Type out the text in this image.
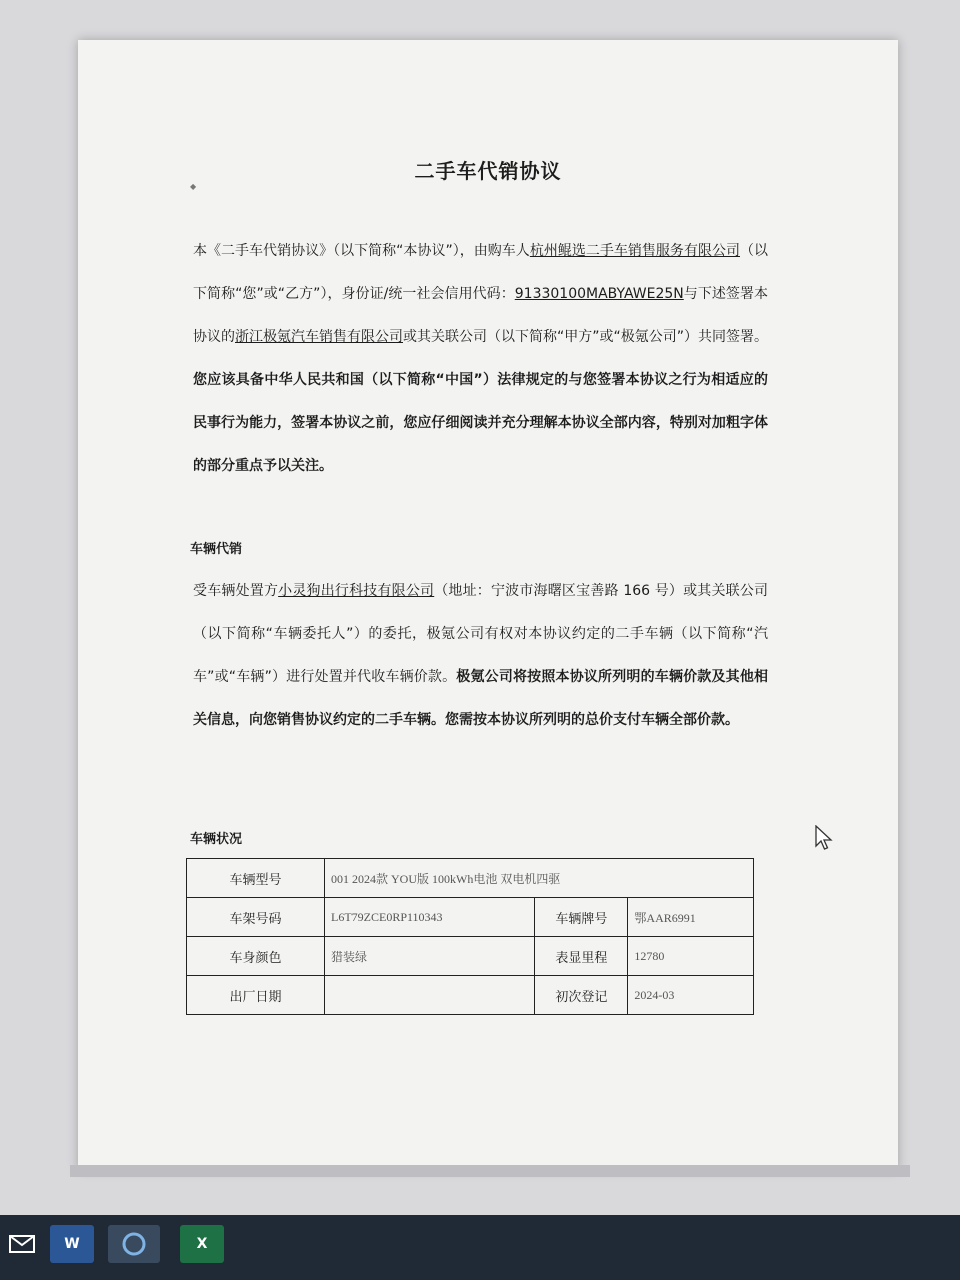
◆
二手车代销协议
本《二手车代销协议》（以下简称“本协议”），由购车人杭州鲲选二手车销售服务有限公司（以下简称“您”或“乙方”），身份证/统一社会信用代码：91330100MABYAWE25N与下述签署本协议的浙江极氪汽车销售有限公司或其关联公司（以下简称“甲方”或“极氪公司”）共同签署。您应该具备中华人民共和国（以下简称“中国”）法律规定的与您签署本协议之行为相适应的民事行为能力，签署本协议之前，您应仔细阅读并充分理解本协议全部内容，特别对加粗字体的部分重点予以关注。
车辆代销
受车辆处置方小灵狗出行科技有限公司（地址：宁波市海曙区宝善路 166 号）或其关联公司（以下简称“车辆委托人”）的委托，极氪公司有权对本协议约定的二手车辆（以下简称“汽车”或“车辆”）进行处置并代收车辆价款。极氪公司将按照本协议所列明的车辆价款及其他相关信息，向您销售协议约定的二手车辆。您需按本协议所列明的总价支付车辆全部价款。
车辆状况
车辆型号	001 2024款 YOU版 100kWh电池 双电机四驱		
车架号码	L6T79ZCE0RP110343	车辆牌号	鄂AAR6991
车身颜色	猎装绿	表显里程	12780
出厂日期		初次登记	2024-03
W	X
